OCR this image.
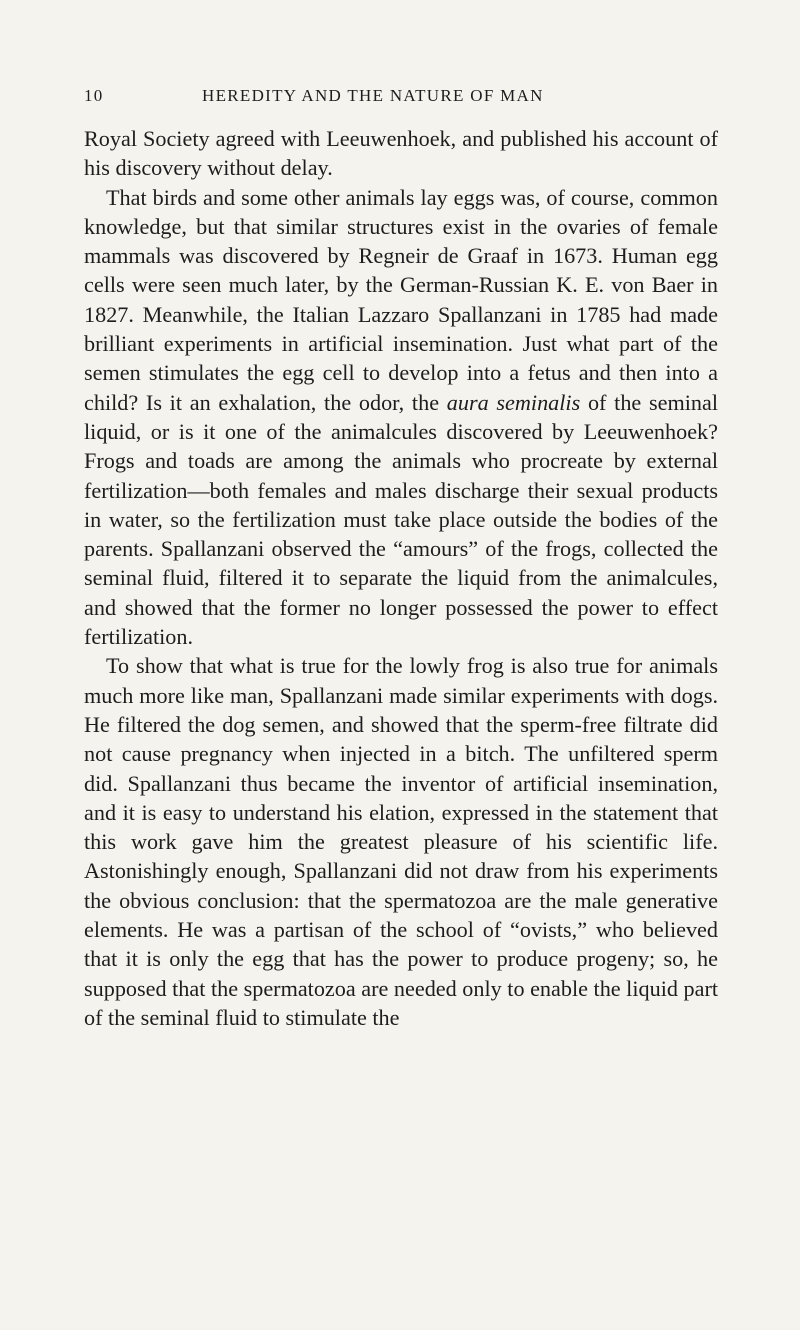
10	HEREDITY AND THE NATURE OF MAN

Royal Society agreed with Leeuwenhoek, and published his account of his discovery without delay.

That birds and some other animals lay eggs was, of course, common knowledge, but that similar structures exist in the ovaries of female mammals was discovered by Regneir de Graaf in 1673. Human egg cells were seen much later, by the German-Russian K. E. von Baer in 1827. Meanwhile, the Italian Lazzaro Spallanzani in 1785 had made brilliant experiments in artificial insemination. Just what part of the semen stimulates the egg cell to develop into a fetus and then into a child? Is it an exhalation, the odor, the aura seminalis of the seminal liquid, or is it one of the animalcules discovered by Leeuwenhoek? Frogs and toads are among the animals who procreate by external fertilization—both females and males discharge their sexual products in water, so the fertilization must take place outside the bodies of the parents. Spallanzani observed the “amours” of the frogs, collected the seminal fluid, filtered it to separate the liquid from the animalcules, and showed that the former no longer possessed the power to effect fertilization.

To show that what is true for the lowly frog is also true for animals much more like man, Spallanzani made similar experiments with dogs. He filtered the dog semen, and showed that the sperm-free filtrate did not cause pregnancy when injected in a bitch. The unfiltered sperm did. Spallanzani thus became the inventor of artificial insemination, and it is easy to understand his elation, expressed in the statement that this work gave him the greatest pleasure of his scientific life. Astonishingly enough, Spallanzani did not draw from his experiments the obvious conclusion: that the spermatozoa are the male generative elements. He was a partisan of the school of “ovists,” who believed that it is only the egg that has the power to produce progeny; so, he supposed that the spermatozoa are needed only to enable the liquid part of the seminal fluid to stimulate the
